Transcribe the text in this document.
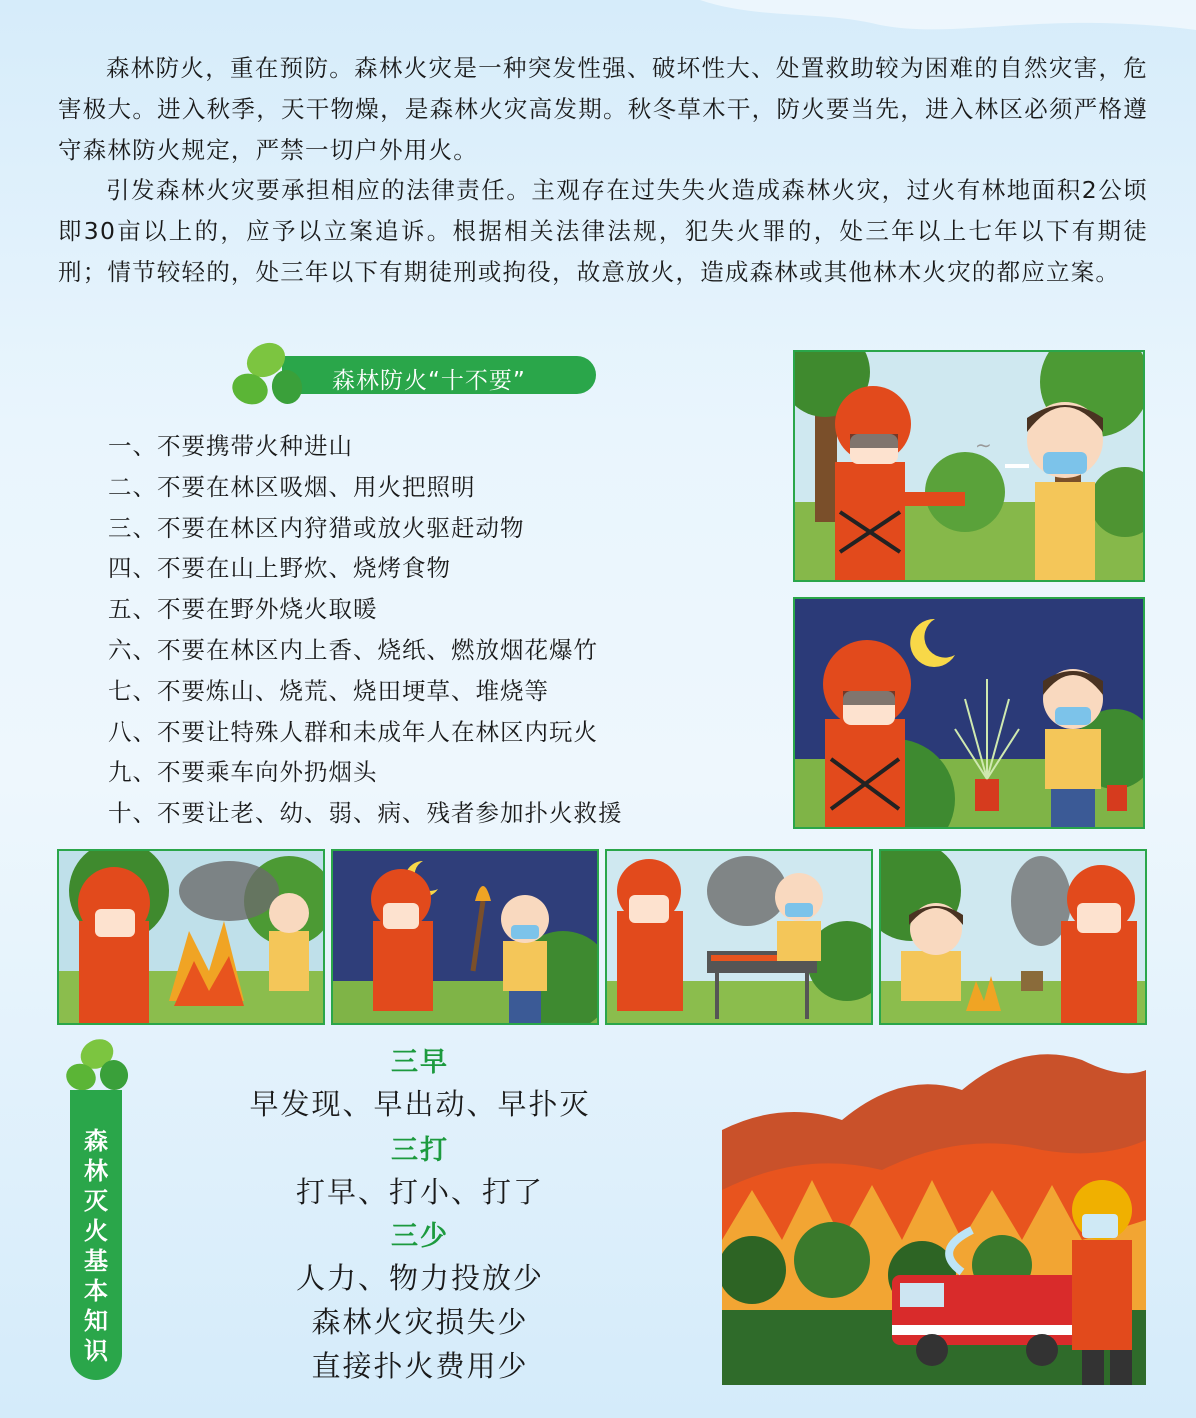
森林防火，重在预防。森林火灾是一种突发性强、破坏性大、处置救助较为困难的自然灾害，危害极大。进入秋季，天干物燥，是森林火灾高发期。秋冬草木干，防火要当先，进入林区必须严格遵守森林防火规定，严禁一切户外用火。

引发森林火灾要承担相应的法律责任。主观存在过失失火造成森林火灾，过火有林地面积2公顷即30亩以上的，应予以立案追诉。根据相关法律法规，犯失火罪的，处三年以上七年以下有期徒刑；情节较轻的，处三年以下有期徒刑或拘役，故意放火，造成森林或其他林木火灾的都应立案。

森林防火“十不要”
一、不要携带火种进山
二、不要在林区吸烟、用火把照明
三、不要在林区内狩猎或放火驱赶动物
四、不要在山上野炊、烧烤食物
五、不要在野外烧火取暖
六、不要在林区内上香、烧纸、燃放烟花爆竹
七、不要炼山、烧荒、烧田埂草、堆烧等
八、不要让特殊人群和未成年人在林区内玩火
九、不要乘车向外扔烟头
十、不要让老、幼、弱、病、残者参加扑火救援
∼
森
林
灭
火
基
本
知
识
三早
早发现、早出动、早扑灭
三打
打早、打小、打了
三少
人力、物力投放少
森林火灾损失少
直接扑火费用少
